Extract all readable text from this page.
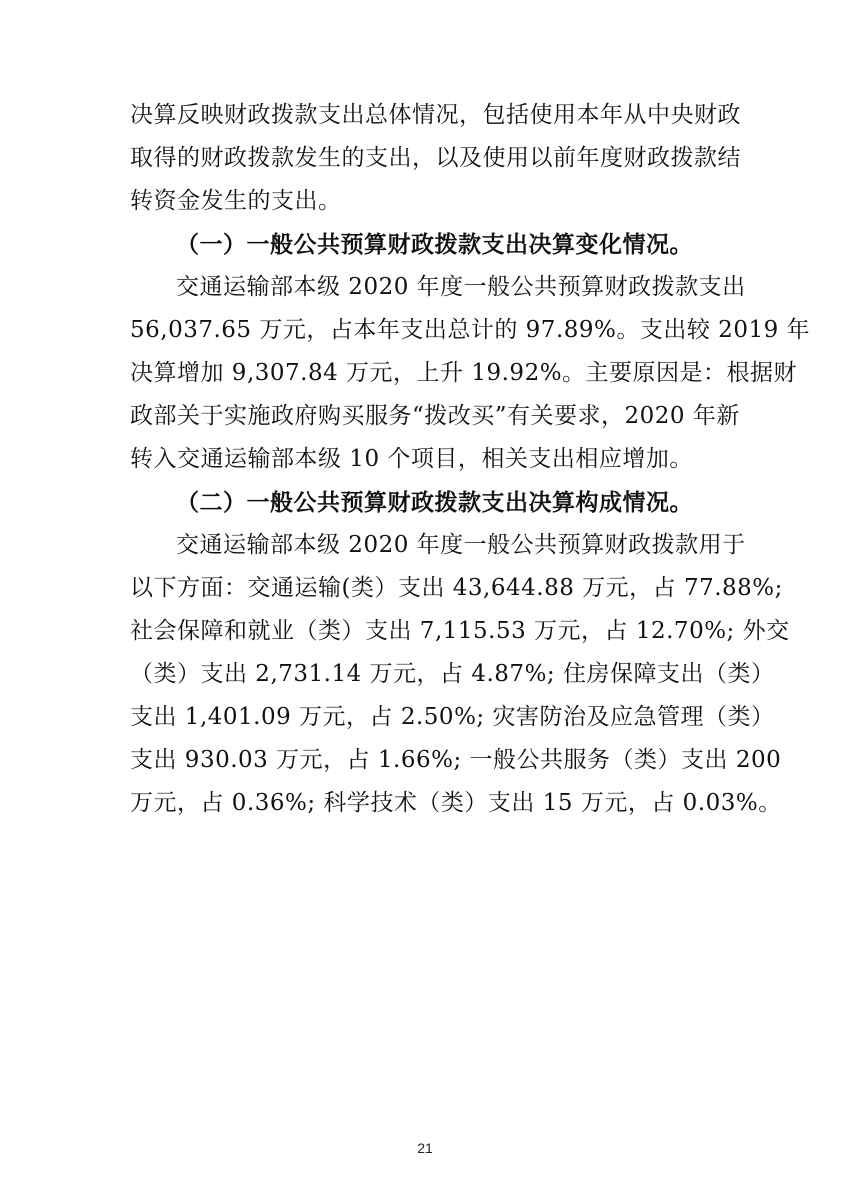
决算反映财政拨款支出总体情况，包括使用本年从中央财政
取得的财政拨款发生的支出，以及使用以前年度财政拨款结
转资金发生的支出。
（一）一般公共预算财政拨款支出决算变化情况。
交通运输部本级 2020 年度一般公共预算财政拨款支出
56,037.65 万元，占本年支出总计的 97.89%。支出较 2019 年
决算增加 9,307.84 万元，上升 19.92%。主要原因是：根据财
政部关于实施政府购买服务“拨改买”有关要求，2020 年新
转入交通运输部本级 10 个项目，相关支出相应增加。
（二）一般公共预算财政拨款支出决算构成情况。
交通运输部本级 2020 年度一般公共预算财政拨款用于
以下方面：交通运输(类）支出 43,644.88 万元，占 77.88%;
社会保障和就业（类）支出 7,115.53 万元，占 12.70%; 外交
（类）支出 2,731.14 万元，占 4.87%; 住房保障支出（类）
支出 1,401.09 万元，占 2.50%; 灾害防治及应急管理（类）
支出 930.03 万元，占 1.66%; 一般公共服务（类）支出 200
万元，占 0.36%; 科学技术（类）支出 15 万元，占 0.03%。
21
